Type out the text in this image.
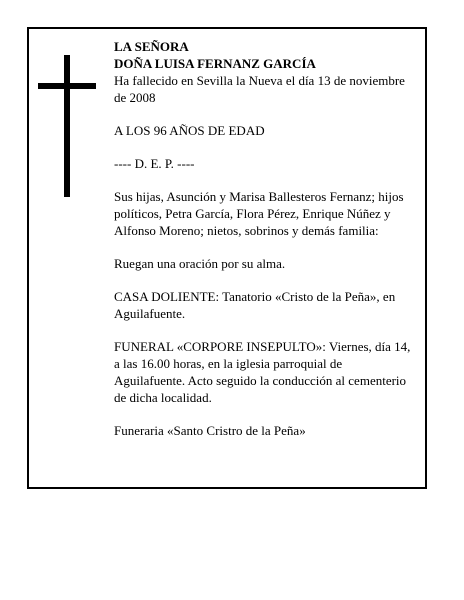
LA SEÑORA

DOÑA LUISA FERNANZ GARCÍA

Ha fallecido en Sevilla la Nueva el día 13 de noviembre de 2008

A LOS 96 AÑOS DE EDAD

---- D. E. P. ----

Sus hijas, Asunción y Marisa Ballesteros Fernanz; hijos políticos, Petra García, Flora Pérez, Enrique Núñez y Alfonso Moreno; nietos, sobrinos y demás familia:

Ruegan una oración por su alma.

CASA DOLIENTE: Tanatorio «Cristo de la Peña», en Aguilafuente.

FUNERAL «CORPORE INSEPULTO»: Viernes, día 14, a las 16.00 horas, en la iglesia parroquial de Aguilafuente. Acto seguido la conducción al cementerio de dicha localidad.

Funeraria «Santo Cristro de la Peña»
